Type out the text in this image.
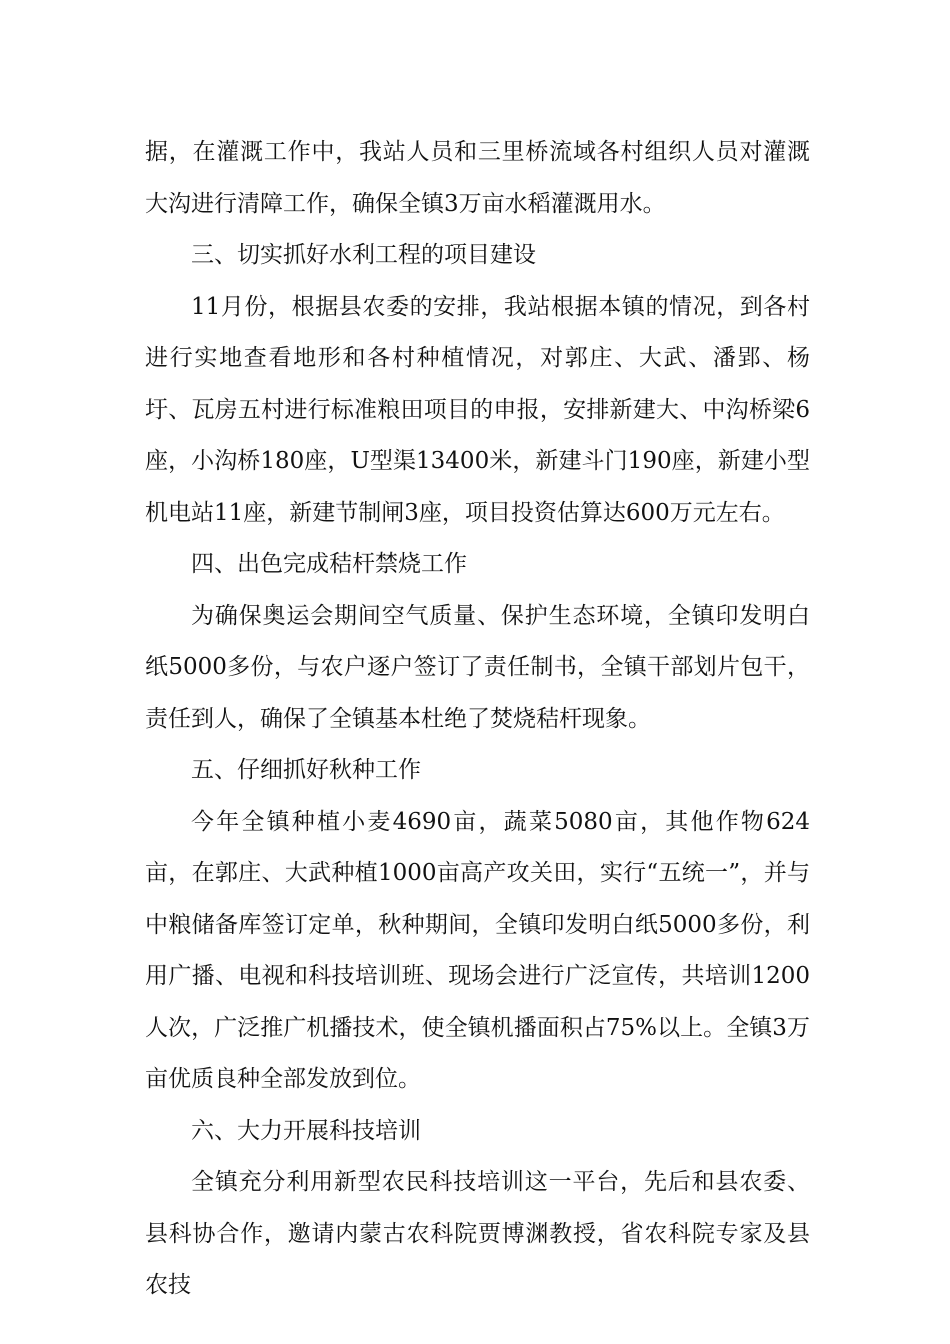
据，在灌溉工作中，我站人员和三里桥流域各村组织人员对灌溉大沟进行清障工作，确保全镇3万亩水稻灌溉用水。

三、切实抓好水利工程的项目建设

11月份，根据县农委的安排，我站根据本镇的情况，到各村进行实地查看地形和各村种植情况，对郭庄、大武、潘郢、杨圩、瓦房五村进行标准粮田项目的申报，安排新建大、中沟桥梁6座，小沟桥180座，U型渠13400米，新建斗门190座，新建小型机电站11座，新建节制闸3座，项目投资估算达600万元左右。

四、出色完成秸杆禁烧工作

为确保奥运会期间空气质量、保护生态环境，全镇印发明白纸5000多份，与农户逐户签订了责任制书，全镇干部划片包干，责任到人，确保了全镇基本杜绝了焚烧秸杆现象。

五、仔细抓好秋种工作

今年全镇种植小麦4690亩，蔬菜5080亩，其他作物624亩，在郭庄、大武种植1000亩高产攻关田，实行“五统一”，并与中粮储备库签订定单，秋种期间，全镇印发明白纸5000多份，利用广播、电视和科技培训班、现场会进行广泛宣传，共培训1200人次，广泛推广机播技术，使全镇机播面积占75%以上。全镇3万亩优质良种全部发放到位。

六、大力开展科技培训

全镇充分利用新型农民科技培训这一平台，先后和县农委、县科协合作，邀请内蒙古农科院贾博渊教授，省农科院专家及县农技
